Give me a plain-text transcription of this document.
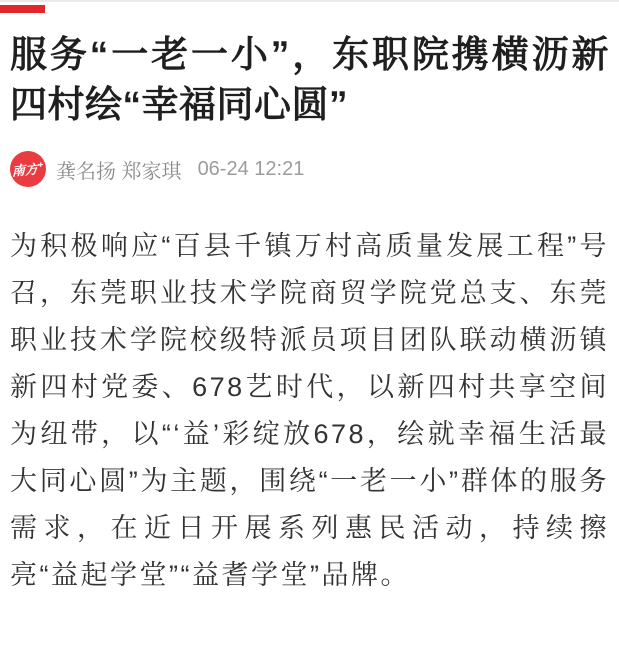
服务“一老一小”，东职院携横沥新四村绘“幸福同心圆”
南方+ 龚名扬 郑家琪 06-24 12:21

为积极响应“百县千镇万村高质量发展工程”号召，东莞职业技术学院商贸学院党总支、东莞职业技术学院校级特派员项目团队联动横沥镇新四村党委、678艺时代，以新四村共享空间为纽带，以“‘益’彩绽放678，绘就幸福生活最大同心圆”为主题，围绕“一老一小”群体的服务需求，在近日开展系列惠民活动，持续擦亮“益起学堂”“益耆学堂”品牌。
